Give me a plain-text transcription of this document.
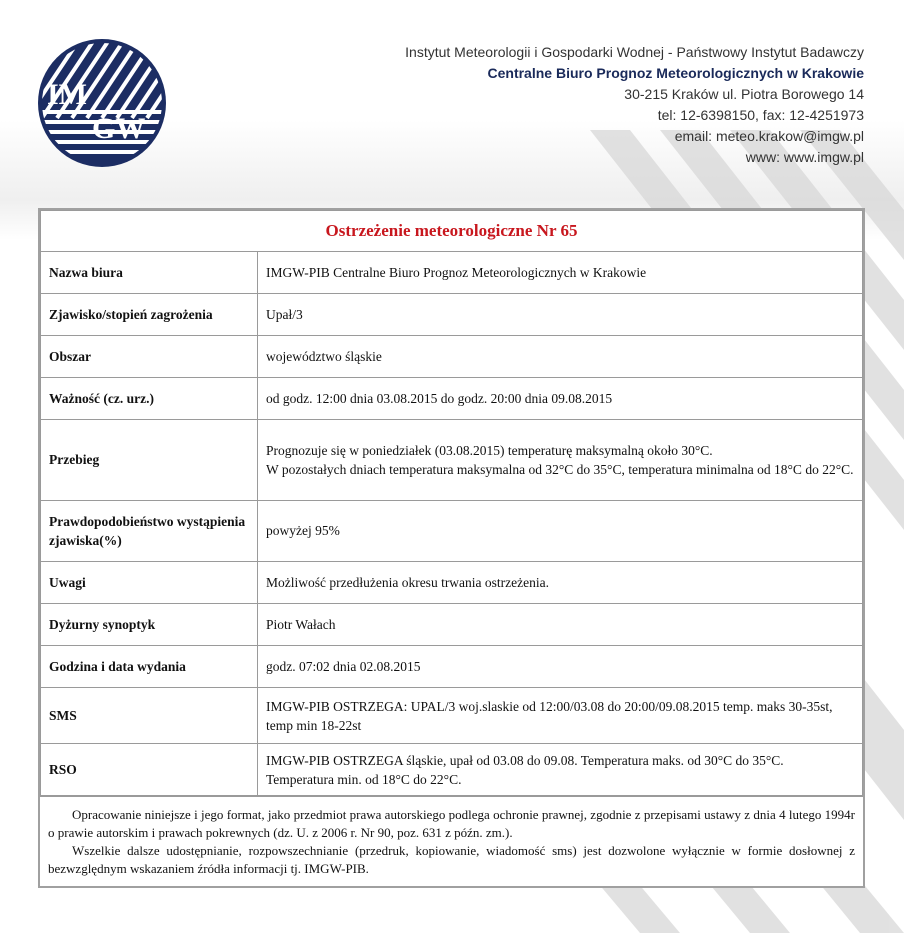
IM
GW
Instytut Meteorologii i Gospodarki Wodnej - Państwowy Instytut Badawczy
Centralne Biuro Prognoz Meteorologicznych w Krakowie
30-215 Kraków ul. Piotra Borowego 14
tel: 12-6398150, fax: 12-4251973
email: meteo.krakow@imgw.pl
www: www.imgw.pl
Ostrzeżenie meteorologiczne Nr 65	
Nazwa biura	IMGW-PIB Centralne Biuro Prognoz Meteorologicznych w Krakowie

Zjawisko/stopień zagrożenia	Upał/3

Obszar	województwo śląskie

Ważność (cz. urz.)	od godz. 12:00 dnia 03.08.2015 do godz. 20:00 dnia 09.08.2015

Przebieg	Prognozuje się w poniedziałek (03.08.2015) temperaturę maksymalną około 30°C.
W pozostałych dniach temperatura maksymalna od 32°C do 35°C, temperatura minimalna od 18°C do 22°C.

Prawdopodobieństwo wystąpienia zjawiska(%)	powyżej 95%

Uwagi	Możliwość przedłużenia okresu trwania ostrzeżenia.

Dyżurny synoptyk	Piotr Wałach

Godzina i data wydania	godz. 07:02 dnia 02.08.2015

SMS	IMGW-PIB OSTRZEGA: UPAL/3 woj.slaskie od 12:00/03.08 do 20:00/09.08.2015 temp. maks 30-35st, temp min 18-22st

RSO	IMGW-PIB OSTRZEGA śląskie, upał od 03.08 do 09.08. Temperatura maks. od 30°C do 35°C. Temperatura min. od 18°C do 22°C.

Opracowanie niniejsze i jego format, jako przedmiot prawa autorskiego podlega ochronie prawnej, zgodnie z przepisami ustawy z dnia 4 lutego 1994r o prawie autorskim i prawach pokrewnych (dz. U. z 2006 r. Nr 90, poz. 631 z późn. zm.).

Wszelkie dalsze udostępnianie, rozpowszechnianie (przedruk, kopiowanie, wiadomość sms) jest dozwolone wyłącznie w formie dosłownej z bezwzględnym wskazaniem źródła informacji tj. IMGW-PIB.
